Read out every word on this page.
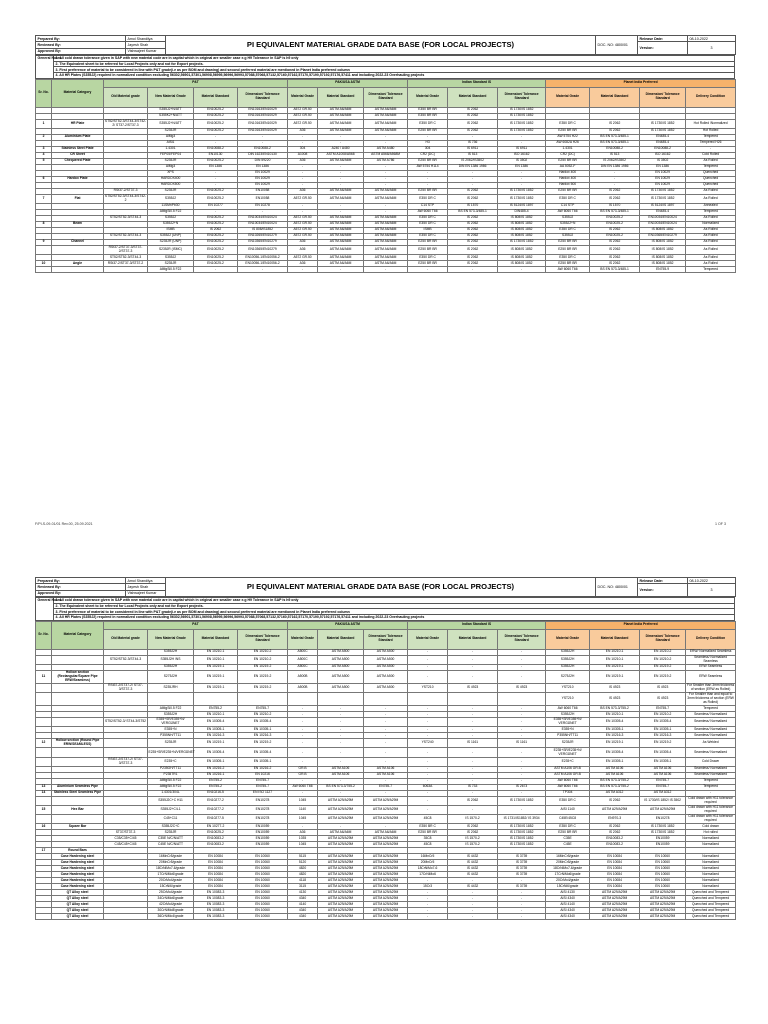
Prepared By:	Amol Shandilya	PI EQUIVALENT MATERIAL GRADE DATA BASE (FOR LOCAL PROJECTS)	DOC. NO: 4800/01	Release Date:	08-10-2022
Reviewed By:	Jayesh Shah			Version:	3
Approved By:	Vishwajeet Kumar				
General Notes:	1. All cold drawn tolerance given in SAP with new material code are in capital which in original are smaller case e.g H9 Tolerance in SAP is h9 only
2. The Equivalent sheet to be referred for Local Projects only and not for Export projects.
3. First preference of material to be considered in line with P&T grade(i.e as per BOM and drawing) and second preferred material are mentioned in Planet India preferred column
4. All HR Plates (S355J2) required in normalized condition excluding 56302,56901,57301,56908,56995,56996,56993,57088,57068,57132,57160,57162,57170,57190,57192,57176,57411 and including 2022-23 Overhauling projects
Sr. No.	Material Category	P&T				PAK/USA ASTM			Indian Standard IS			Planet India Preferred			
		Old Material grade	New Material Grade	Material Standard	Dimension/ Tolerance Standard	Material Grade	Material Standard	Dimension/ Tolerance Standard	Material Grade	Material Standard	Dimension/ Tolerance Standard	Material Grade	Material Standard	Dimension/ Tolerance Standard	Delivery Condition
			S355J2+N/ATT	EN10025-2	EN10163/EN10029	A572 GR.50	ASTM A6/A6M	ASTM A6/A6M	E350 BR BR	IS 2062	IS 1730/IS 1852				
			S355K2+N/ATT	EN10025-2	EN10163/EN10029	A572 GR.50	ASTM A6/A6M	ASTM A6/A6M	E350 BR BR	IS 2062	IS 1730/IS 1852				
1	HR Plate	ST52/ST52-3/ST44-3/ST42-2/ ST37-2/ST37-3	S355J2+N/ATT	EN10025-2	EN10163/EN10029	A572 GR.50	ASTM A6/A6M	ASTM A6/A6M	E350 DR C	IS 2062	IS 1730/IS 1852	E350 DR C	IS 2062	IS 1730/IS 1852	Hot Rolled /Normalized
			S235JR	EN10025-2	EN10163/EN10029	A36	ASTM A6/A6M	ASTM A6/A6M	E250 BR BR	IS 2062	IS 1730/IS 1852	E250 BR BR	IS 2062	IS 1730/IS 1852	Hot Rolled
2	Aluminium Plate		AlMg3	-	-	-	-	-	-	-	-	AW 5754 H22	BS EN 573-3/485-1	EN485-4	Tempered
			AlSi1	-	-	-	-	-	H3	IS 736	-	AW 6082A H26	BS EN 573-3/485-1	EN485-4	Tempered H26
3	Stainless Steel Plate		1.4301	EN10088-2	EN10088-2	304	A240 / A480	ASTM A480	304	IS 6911	IS 6911	1.4301	EN10088-2	EN10088-2	-
4	CR Sheet		FEP05/FEP04	EN10130	DIN 1623/EN10130	A1008	ASTM A1008/A568	ASTM A568/A568M	CR2 (DC)	IS 513	ISO 16162	CR2 (DC)	IS 513	ISO 16162	Cold Rolled
5	Chequered Plate		S235JR	EN10025-2	DIN 59220	A36	ASTM A6/A6M	ASTM A786	E250 BR BR	IS 2062/IS3502	IS 3502	E250 BR BR	IS 2062/IS3502	IS 3502	As Rolled
			AlMg3	EN 1386	EN 1386	-	-	-	AW 5754 H114	DIN EN 1386 1986	EN 1386	AA 5052-F	DIN EN 1386 1986	EN 1386	Tempered
			XPS	-	EN 10029	-	-	-	-	-	-	Hardox 400	-	EN 10029	Quenched
6	Hardox Plate		HARDOX400	-	EN 10029	-	-	-	-	-	-	Hardox 400	-	EN 10029	Quenched
			HARDOX500	-	EN 10029	-	-	-	-	-	-	Hardox 500	-	EN 10029	Quenched
		RSt37-2/ST37-3	S235JR	EN10025-2	EN10058	A36	ASTM A6/A6M	ASTM A6/A6M	E250 BR BR	IS 2062	IS 1730/IS 1852	E250 BR BR	IS 2062	IS 1730/IS 1852	As Rolled
7	Flat	ST52/ST52-3/ST44-3/ST42-2	S355J2	EN10025-2	EN10058	A572 GR.50	ASTM A6/A6M	ASTM A6/A6M	E350 DR C	IS 2062	IS 1730/IS 1852	E350 DR C	IS 2062	IS 1730/IS 1852	As Rolled
			11SMnPb30	EN 10277	EN 10278	-	-	-	C14 STP	IS 1570	IS 5124/IS 1897	C14 STP	IS 1570	IS 5124/IS 1897	Annealed
			AlMgSi0.5 F22	-	-	-	-	-	AW 6060 T66	BS EN 573-3/485-1	DIN485-4	AW 6060 T66	BS EN 573-3/485-1	EN485-4	Tempered
		ST52/ST52-3/ST44-3	S355J2	EN10025-2	EN10034/EN10024	A572 GR.50	ASTM A6/A6M	ASTM A6/A6M	E350 DR C	IS 2062	IS 808/IS 1852	S355J2	EN10025-2	EN10034/EN10024	As Rolled
8	Beam		S355J2+N	EN10025-2	EN10034/EN10024	A572 GR.50	ASTM A6/A6M	ASTM A6/A6M	E350 DR C	IS 2062	IS 808/IS 1852	S355J2+N	EN10025-2	EN10034/EN10024	Normalized
			ISMB	IS 2062	IS 808/IS1852	A572 GR.50	ASTM A6/A6M	ASTM A6/A6M	ISMB	IS 2062	IS 808/IS 1852	E350 DR C	IS 2062	IS 808/IS 1852	As Rolled
		ST52/ST52-3/ST44-3	S355J2 (UNP)	EN10025-2	EN10265/EN10279	A572 GR.50	ASTM A6/A6M	ASTM A6/A6M	E350 DR C	IS 2062	IS 808/IS 1852	S355J2	EN10025-2	EN10365/EN10279	As Rolled
9	Channel		S235JR (UNP)	EN10025-2	EN10365/EN10279	A36	ASTM A6/A6M	ASTM A6/A6M	E250 BR BR	IS 2062	IS 1730/IS 1852	E250 BR BR	IS 2062	IS 808/IS 1852	As Rolled
		RSt37-2/ST37-3/ST37-2/ST37-3	S235JR (ISMC)	EN10025-2	EN10365/EN10279	A36	ASTM A6/A6M	ASTM A6/A6M	E250 BR BR	IS 2062	IS 808/IS 1852	E250 BR BR	IS 2062	IS 808/IS 1852	As Rolled
		ST52/ST52-3/ST44-3	S355J2	EN10025-2	EN10056-1/EN10056-2	A572 GR.50	ASTM A6/A6M	ASTM A6/A6M	E350 DR C	IS 2062	IS 808/IS 1852	E350 DR C	IS 2062	IS 808/IS 1852	As Rolled
10	Angle	RSt37-2/ST37-3/ST37-2	S235JR	EN10025-2	EN10056-1/EN10056-2	A36	ASTM A6/A6M	ASTM A6/A6M	E250 BR BR	IS 2062	IS 808/IS 1852	E250 BR BR	IS 2062	IS 808/IS 1852	As Rolled
			AlMgSi0.5 F22	-	-	-	-	-	-	-	-	AW 6060 T66	BS EN 573-3/485-1	EN755-9	Tempered
F/PI-S-09-01/01 Rev.00, 25.09.2021	1 OF 3
Prepared By:	Amol Shandilya	PI EQUIVALENT MATERIAL GRADE DATA BASE (FOR LOCAL PROJECTS)	DOC. NO: 4800/01	Release Date:	08-10-2022
Reviewed By:	Jayesh Shah			Version:	3
Approved By:	Vishwajeet Kumar				
General Notes:	1. All cold drawn tolerance given in SAP with new material code are in capital which in original are smaller case e.g H9 Tolerance in SAP is h9 only
2. The Equivalent sheet to be referred for Local Projects only and not for Export projects.
3. First preference of material to be considered in line with P&T grade(i.e as per BOM and drawing) and second preferred material are mentioned in Planet India preferred column
4. All HR Plates (S355J2) required in normalized condition excluding 56302,56901,57301,56908,56995,56996,56993,57088,57068,57132,57160,57162,57170,57190,57192,57176,57411 and including 2022-23 Overhauling projects
Sr. No.	Material Category	P&T				PAK/USA ASTM			Indian Standard IS			Planet India Preferred			
		Old Material grade	New Material Grade	Material Standard	Dimension/ Tolerance Standard	Material Grade	Material Standard	Dimension/ Tolerance Standard	Material Grade	Material Standard	Dimension/ Tolerance Standard	Material Grade	Material Standard	Dimension/ Tolerance Standard	Delivery Condition
			S355J2H	EN 10210-1	EN 10210-2	A500C	ASTM A500	ASTM A500	-	-	-	S355J2H	EN 10210-1	EN 10210-2	ERW/ Normalized Seamless
		ST52/ST52-3/ST44-3	S355J2H /NS	EN 10210-1	EN 10210-2	A500C	ASTM A500	ASTM A500	-	-	-	S355J2H	EN 10210-1	EN 10210-2	Seamless/ Normalized Seamless
			S355J2H	EN 10219-1	EN 10219-2	A500C	ASTM A500	ASTM A500	-	-	-	S355J2H	EN 10219-1	EN 10219-2	ERW Seamless
11	Hollow section (Rectangular/Square Pipe ERW/Seamless)		S275J2H	EN 10219-1	EN 10219-2	A500B	ASTM A500	ASTM A500	-	-	-	S275J2H	EN 10219-1	EN 10219-2	ERW Seamless
		RSt37-2/ST37-2/ ST37-3/ST37-3	S235JRH	EN 10219-1	EN 10219-2	A500B	ASTM A500	ASTM A500	YST210	IS 4923	IS 4923	YST210	IS 4923	IS 4923	For Smaller than 3mm thickness of section (ERW as Rolled)
												YST210	IS 4923	IS 4923	For Smaller than and equal to 3mm thickness of section (ERW as Rolled)
			AlMgSi0.5 F22	EN755-2	EN755-7	-	-	-	-	-	-	AW 6060 T66	BS EN 573-3/755-2	EN755-7	Tempered
			S355J2H	EN 10210-1	EN 10210-2	-	-	-	-	-	-	S355J2H	EN 10210-1	EN 10210-2	Seamless/ Normalized
		ST52/ST52-3/ ST44-3/ST52	E355+SR/E355+N/ VERGÜNET	EN 10305-4	EN 10305-4	-	-	-	-	-	-	E355+SR/E355+N/ VERGÜNET	EN 10305-4	EN 10305-4	Seamless/ Normalized
			E355+N	EN 10305-1	EN 10305-1	-	-	-	-	-	-	E355+N	EN 10305-1	EN 10305-1	Seamless/ Normalized
			P355NH/TT11	EN 10216-3	EN 10216-3	-	-	-	-	-	-	P355NH/TT11	EN 10216-3	EN 10216-3	Seamless/ Normalized
12	Hollow section (Round Pipe ERW/SEAMLESS)		S235JR	EN 10219-1	EN 10219-2	-	-	-	YST240	IS 1161	IS 1161	S235JR	EN 10219-1	EN 10219-2	As Welded
			E235+SR/E235+N/VERGÜNET	EN 10305-4	EN 10305-4	-	-	-	-	-	-	E235+SR/E235+N/ VERGÜNET	EN 10305-4	EN 10305-4	Seamless/ Normalized
		RSt37-2/ST37-2/ ST37-3/ST37-3	E235+C	EN 10305-1	EN 10305-1	-	-	-	-	-	-	E235+C	EN 10305-1	EN 10305-1	Cold Drawn
			P235GH/TT11	EN 10216-2	EN 10216-2	GR.B	ASTM A106	ASTM A106	-	-	-	ASTM A106 GR.B	ASTM A106	ASTM A106	Seamless/ Normalized
			P235TR1	EN 10216-1	EN 10216	GR.B	ASTM A106	ASTM A106	-	-	-	ASTM A106 GR.B	ASTM A106	ASTM A106	Seamless/ Normalized
			AlMgSi0.5 F22	EN755-2	EN755-7	-	-	-	-	-	-	AW 6060 T66	BS EN 573-3/755-2	EN755-7	Tempered
13	Aluminium Seamless Pipe		AlMgSi0.5 F22	EN755-2	EN755-7	AW 6060 T66	BS EN 573-3/755-2	EN755-7	6063A	IS 733	IS 2673	AW 6060 T66	BS EN 573-3/755-2	EN755-7	Tempered
14	Stainless Steel Seamless Pipe		1.4301/304L	EN10216-5	EN ISO 1127	-	-	-	-	-	-	TP304	ASTM A312	ASTM A312	-
			S355J2C+C H11	EN10277-2	EN10278	1045	ASTM A29/A29M	ASTM A29/A29M	-	IS 2062	IS 1730/IS 1852	E350 DR C	IS 2062	IS 1730/IS 1852/ IS 3502	Cold drawn with H11 tolerance required
15	Hex Bar		S355J2+C/L1	EN10277-2	EN10278	1140	ASTM A29/A29M	ASTM A29/A29M	-	-	-	AISI 1140	ASTM A29/A29M	ASTM A29/A29M	Cold drawn with H11 tolerance required
			C45+C11	EN10277-5	EN10278	1045	ASTM A29/A29M	ASTM A29/A29M	45C8	IS 1570-2	IS 1731/IS1852/ IS 3934	C45E/45C8	EN970-3	EN10278	Cold drawn with H11 tolerance required
16	Square Bar		S355J2C+C	EN 10277-2	EN10059	-	-	-	E350 BR C	IS 2062	IS 1730/IS 1852	E350 DR C	IS 2062	IS 1730/IS 1852	Cold drawn
		ST37/ST37-3	S235JR	EN10025-2	EN10059	A36	ASTM A6/A6M	ASTM A6/A6M	E250 BR BR	IS 2062	IS 1730/IS 1852	E250 BR BR	IS 2062	IS 1730/IS 1852	Hot rolled
		C35/C35+C/45	C35E N/C/N/ATT	EN10083-2	EN10059	1035	ASTM A29/A29M	ASTM A29/A29M	35C8	IS 1570-2	IS 1730/IS 1852	C35E	EN10083-2	EN10059	Normalized
		C45/C45+C/45	C45E N/C/N/ATT	EN10083-2	EN10059	1045	ASTM A29/A29M	ASTM A29/A29M	45C8	IS 1570-2	IS 1730/IS 1852	C45E	EN10083-2	EN10059	Normalized
17	Round Bars														
	Case Hardening steel		16MnCr5/grade	EN 10084	EN 10060	5115	ASTM A29/A29M	ASTM A29/A29M	16MnCr5	IS 4432	IS 3739	16MnCr5/grade	EN 10084	EN 10060	Normalized
	Case Hardening steel		20MnCr5/grade	EN 10084	EN 10060	5120	ASTM A29/A29M	ASTM A29/A29M	20MnCr5	IS 4432	IS 3739	20MnCr5/grade	EN 10084	EN 10060	Normalized
	Case Hardening steel		18CrNiMo7-6/grade	EN 10084	EN 10060	4820	ASTM A29/A29M	ASTM A29/A29M	18CrNiMo7-6	IS 4432	IS 3739	18CrNiMo7-6/grade	EN 10084	EN 10060	Normalized
	Case Hardening steel		17CrNiMo6/grade	EN 10084	EN 10060	4820	ASTM A29/A29M	ASTM A29/A29M	17CrNiMo6	IS 4432	IS 3739	17CrNiMo6/grade	EN 10084	EN 10060	Normalized
	Case Hardening steel		20CrMo4/grade	EN 10084	EN 10060	4118	ASTM A29/A29M	ASTM A29/A29M	-	-	-	20CrMo4/grade	EN 10084	EN 10060	Normalized
	Case Hardening steel		15CrNi6/grade	EN 10084	EN 10060	3115	ASTM A29/A29M	ASTM A29/A29M	15Cr3	IS 4432	IS 3739	15CrNi6/grade	EN 10084	EN 10060	Normalized
	QT Alloy steel		25CrMo4/grade	EN 10083-3	EN 10060	4130	ASTM A29/A29M	ASTM A29/A29M	-	-	-	AISI 4130	ASTM A29/A29M	ASTM A29/A29M	Quenched and Tempered
	QT Alloy steel		34CrNiMo6/grade	EN 10083-3	EN 10060	4340	ASTM A29/A29M	ASTM A29/A29M	-	-	-	AISI 4340	ASTM A29/A29M	ASTM A29/A29M	Quenched and Tempered
	QT Alloy steel		42CrMo4/grade	EN 10083-3	EN 10060	4140	ASTM A29/A29M	ASTM A29/A29M	-	-	-	AISI 4140	ASTM A29/A29M	ASTM A29/A29M	Quenched and Tempered
	QT Alloy steel		30CrNiMo8/grade	EN 10083-3	EN 10060	4340	ASTM A29/A29M	ASTM A29/A29M	-	-	-	AISI 4340	ASTM A29/A29M	ASTM A29/A29M	Quenched and Tempered
	QT Alloy steel		36CrNiMo4/grade	EN 10083-3	EN 10060	4340	ASTM A29/A29M	ASTM A29/A29M	-	-	-	AISI 4340	ASTM A29/A29M	ASTM A29/A29M	Quenched and Tempered
